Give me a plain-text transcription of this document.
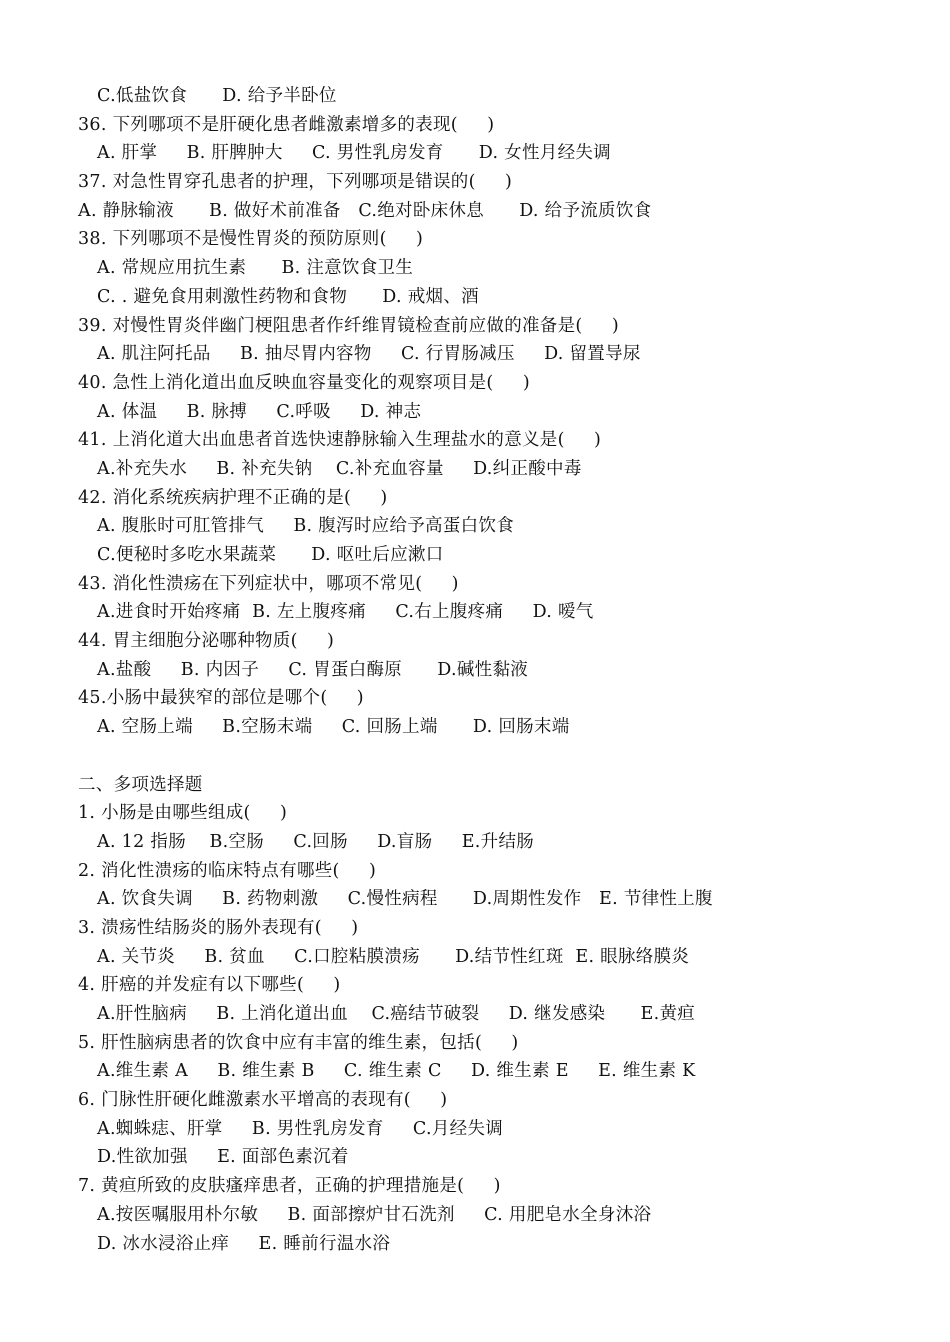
C.低盐饮食      D. 给予半卧位
36. 下列哪项不是肝硬化患者雌激素增多的表现(     )
A. 肝掌     B. 肝脾肿大     C. 男性乳房发育      D. 女性月经失调
37. 对急性胃穿孔患者的护理，下列哪项是错误的(     )
A. 静脉输液      B. 做好术前准备   C.绝对卧床休息      D. 给予流质饮食
38. 下列哪项不是慢性胃炎的预防原则(     )
A. 常规应用抗生素      B. 注意饮食卫生
C. . 避免食用刺激性药物和食物      D. 戒烟、酒
39. 对慢性胃炎伴幽门梗阻患者作纤维胃镜检查前应做的准备是(     )
A. 肌注阿托品     B. 抽尽胃内容物     C. 行胃肠减压     D. 留置导尿
40. 急性上消化道出血反映血容量变化的观察项目是(     )
A. 体温     B. 脉搏     C.呼吸     D. 神志
41. 上消化道大出血患者首选快速静脉输入生理盐水的意义是(     )
A.补充失水     B. 补充失钠    C.补充血容量     D.纠正酸中毒
42. 消化系统疾病护理不正确的是(     )
A. 腹胀时可肛管排气     B. 腹泻时应给予高蛋白饮食
C.便秘时多吃水果蔬菜      D. 呕吐后应漱口
43. 消化性溃疡在下列症状中，哪项不常见(     )
A.进食时开始疼痛  B. 左上腹疼痛     C.右上腹疼痛     D. 嗳气
44. 胃主细胞分泌哪种物质(     )
A.盐酸     B. 内因子     C. 胃蛋白酶原      D.碱性黏液
45.小肠中最狭窄的部位是哪个(     )
A. 空肠上端     B.空肠末端     C. 回肠上端      D. 回肠末端
二、多项选择题
1. 小肠是由哪些组成(     )
A. 12 指肠    B.空肠     C.回肠     D.盲肠     E.升结肠
2. 消化性溃疡的临床特点有哪些(     )
A. 饮食失调     B. 药物刺激     C.慢性病程      D.周期性发作   E. 节律性上腹
3. 溃疡性结肠炎的肠外表现有(     )
A. 关节炎     B. 贫血     C.口腔粘膜溃疡      D.结节性红斑  E. 眼脉络膜炎
4. 肝癌的并发症有以下哪些(     )
A.肝性脑病     B. 上消化道出血    C.癌结节破裂     D. 继发感染      E.黄疸
5. 肝性脑病患者的饮食中应有丰富的维生素，包括(     )
A.维生素 A     B. 维生素 B     C. 维生素 C     D. 维生素 E     E. 维生素 K
6. 门脉性肝硬化雌激素水平增高的表现有(     )
A.蜘蛛痣、肝掌     B. 男性乳房发育     C.月经失调
D.性欲加强     E. 面部色素沉着
7. 黄疸所致的皮肤瘙痒患者，正确的护理措施是(     )
A.按医嘱服用朴尔敏     B. 面部擦炉甘石洗剂     C. 用肥皂水全身沐浴
D. 冰水浸浴止痒     E. 睡前行温水浴
